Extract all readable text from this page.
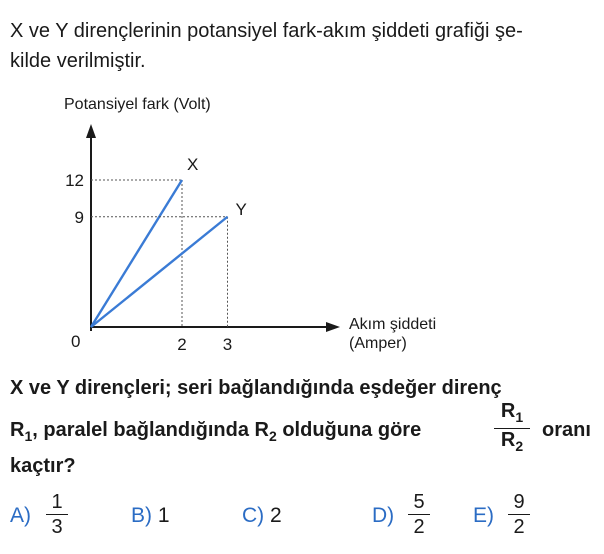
X ve Y dirençlerinin potansiyel fark-akım şiddeti grafiği şe-
kilde verilmiştir.
Potansiyel fark (Volt)
Akım şiddeti
(Amper)
0
X
Y
9
12
2 3
X ve Y dirençleri; seri bağlandığında eşdeğer direnç
$R_1$, paralel bağlandığında $R_2$ olduğuna göre
$R_1$
$R_2$
oranı
kaçtır?
A)
1
3	B) 1	C) 2	D)
5
2 E)
9
2
